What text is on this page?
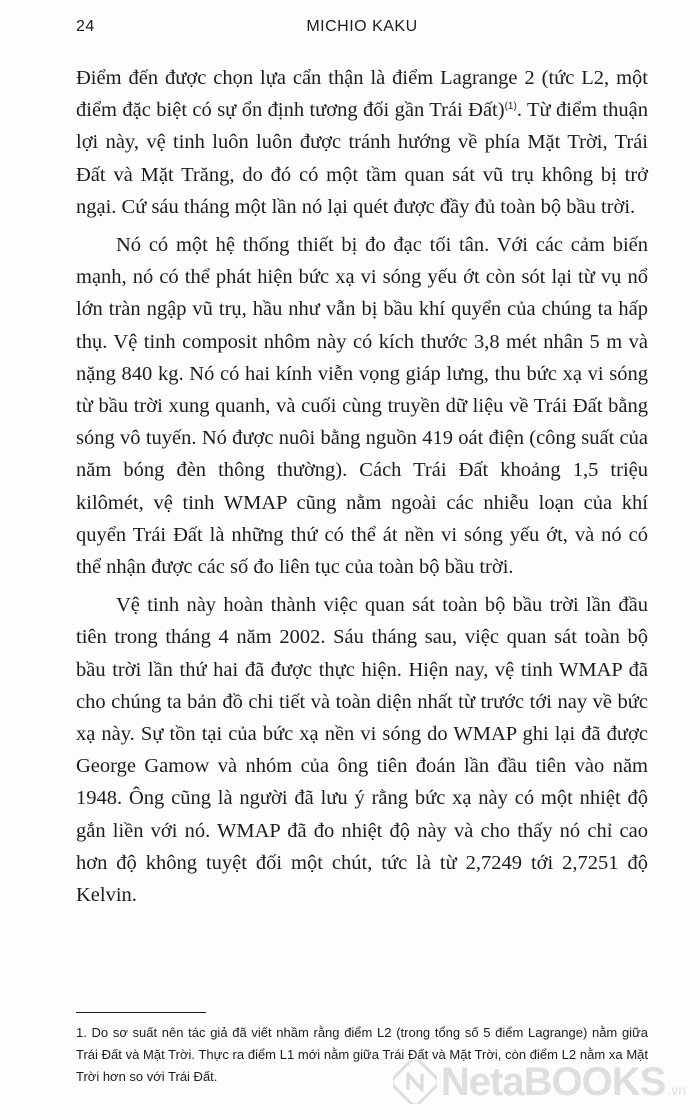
24	MICHIO KAKU

Điểm đến được chọn lựa cẩn thận là điểm Lagrange 2 (tức L2, một điểm đặc biệt có sự ổn định tương đối gần Trái Đất)$^{(1)}$. Từ điểm thuận lợi này, vệ tinh luôn luôn được tránh hướng về phía Mặt Trời, Trái Đất và Mặt Trăng, do đó có một tầm quan sát vũ trụ không bị trở ngại. Cứ sáu tháng một lần nó lại quét được đầy đủ toàn bộ bầu trời.

Nó có một hệ thống thiết bị đo đạc tối tân. Với các cảm biến mạnh, nó có thể phát hiện bức xạ vi sóng yếu ớt còn sót lại từ vụ nổ lớn tràn ngập vũ trụ, hầu như vẫn bị bầu khí quyển của chúng ta hấp thụ. Vệ tinh composit nhôm này có kích thước 3,8 mét nhân 5 m và nặng 840 kg. Nó có hai kính viễn vọng giáp lưng, thu bức xạ vi sóng từ bầu trời xung quanh, và cuối cùng truyền dữ liệu về Trái Đất bằng sóng vô tuyến. Nó được nuôi bằng nguồn 419 oát điện (công suất của năm bóng đèn thông thường). Cách Trái Đất khoảng 1,5 triệu kilômét, vệ tinh WMAP cũng nằm ngoài các nhiễu loạn của khí quyển Trái Đất là những thứ có thể át nền vi sóng yếu ớt, và nó có thể nhận được các số đo liên tục của toàn bộ bầu trời.

Vệ tinh này hoàn thành việc quan sát toàn bộ bầu trời lần đầu tiên trong tháng 4 năm 2002. Sáu tháng sau, việc quan sát toàn bộ bầu trời lần thứ hai đã được thực hiện. Hiện nay, vệ tinh WMAP đã cho chúng ta bản đồ chi tiết và toàn diện nhất từ trước tới nay về bức xạ này. Sự tồn tại của bức xạ nền vi sóng do WMAP ghi lại đã được George Gamow và nhóm của ông tiên đoán lần đầu tiên vào năm 1948. Ông cũng là người đã lưu ý rằng bức xạ này có một nhiệt độ gắn liền với nó. WMAP đã đo nhiệt độ này và cho thấy nó chỉ cao hơn độ không tuyệt đối một chút, tức là từ 2,7249 tới 2,7251 độ Kelvin.

1. Do sơ suất nên tác giả đã viết nhầm rằng điểm L2 (trong tổng số 5 điểm Lagrange) nằm giữa Trái Đất và Mặt Trời. Thực ra điểm L1 mới nằm giữa Trái Đất và Mặt Trời, còn điểm L2 nằm xa Mặt Trời hơn so với Trái Đất.	NetaBOOKS .vn
